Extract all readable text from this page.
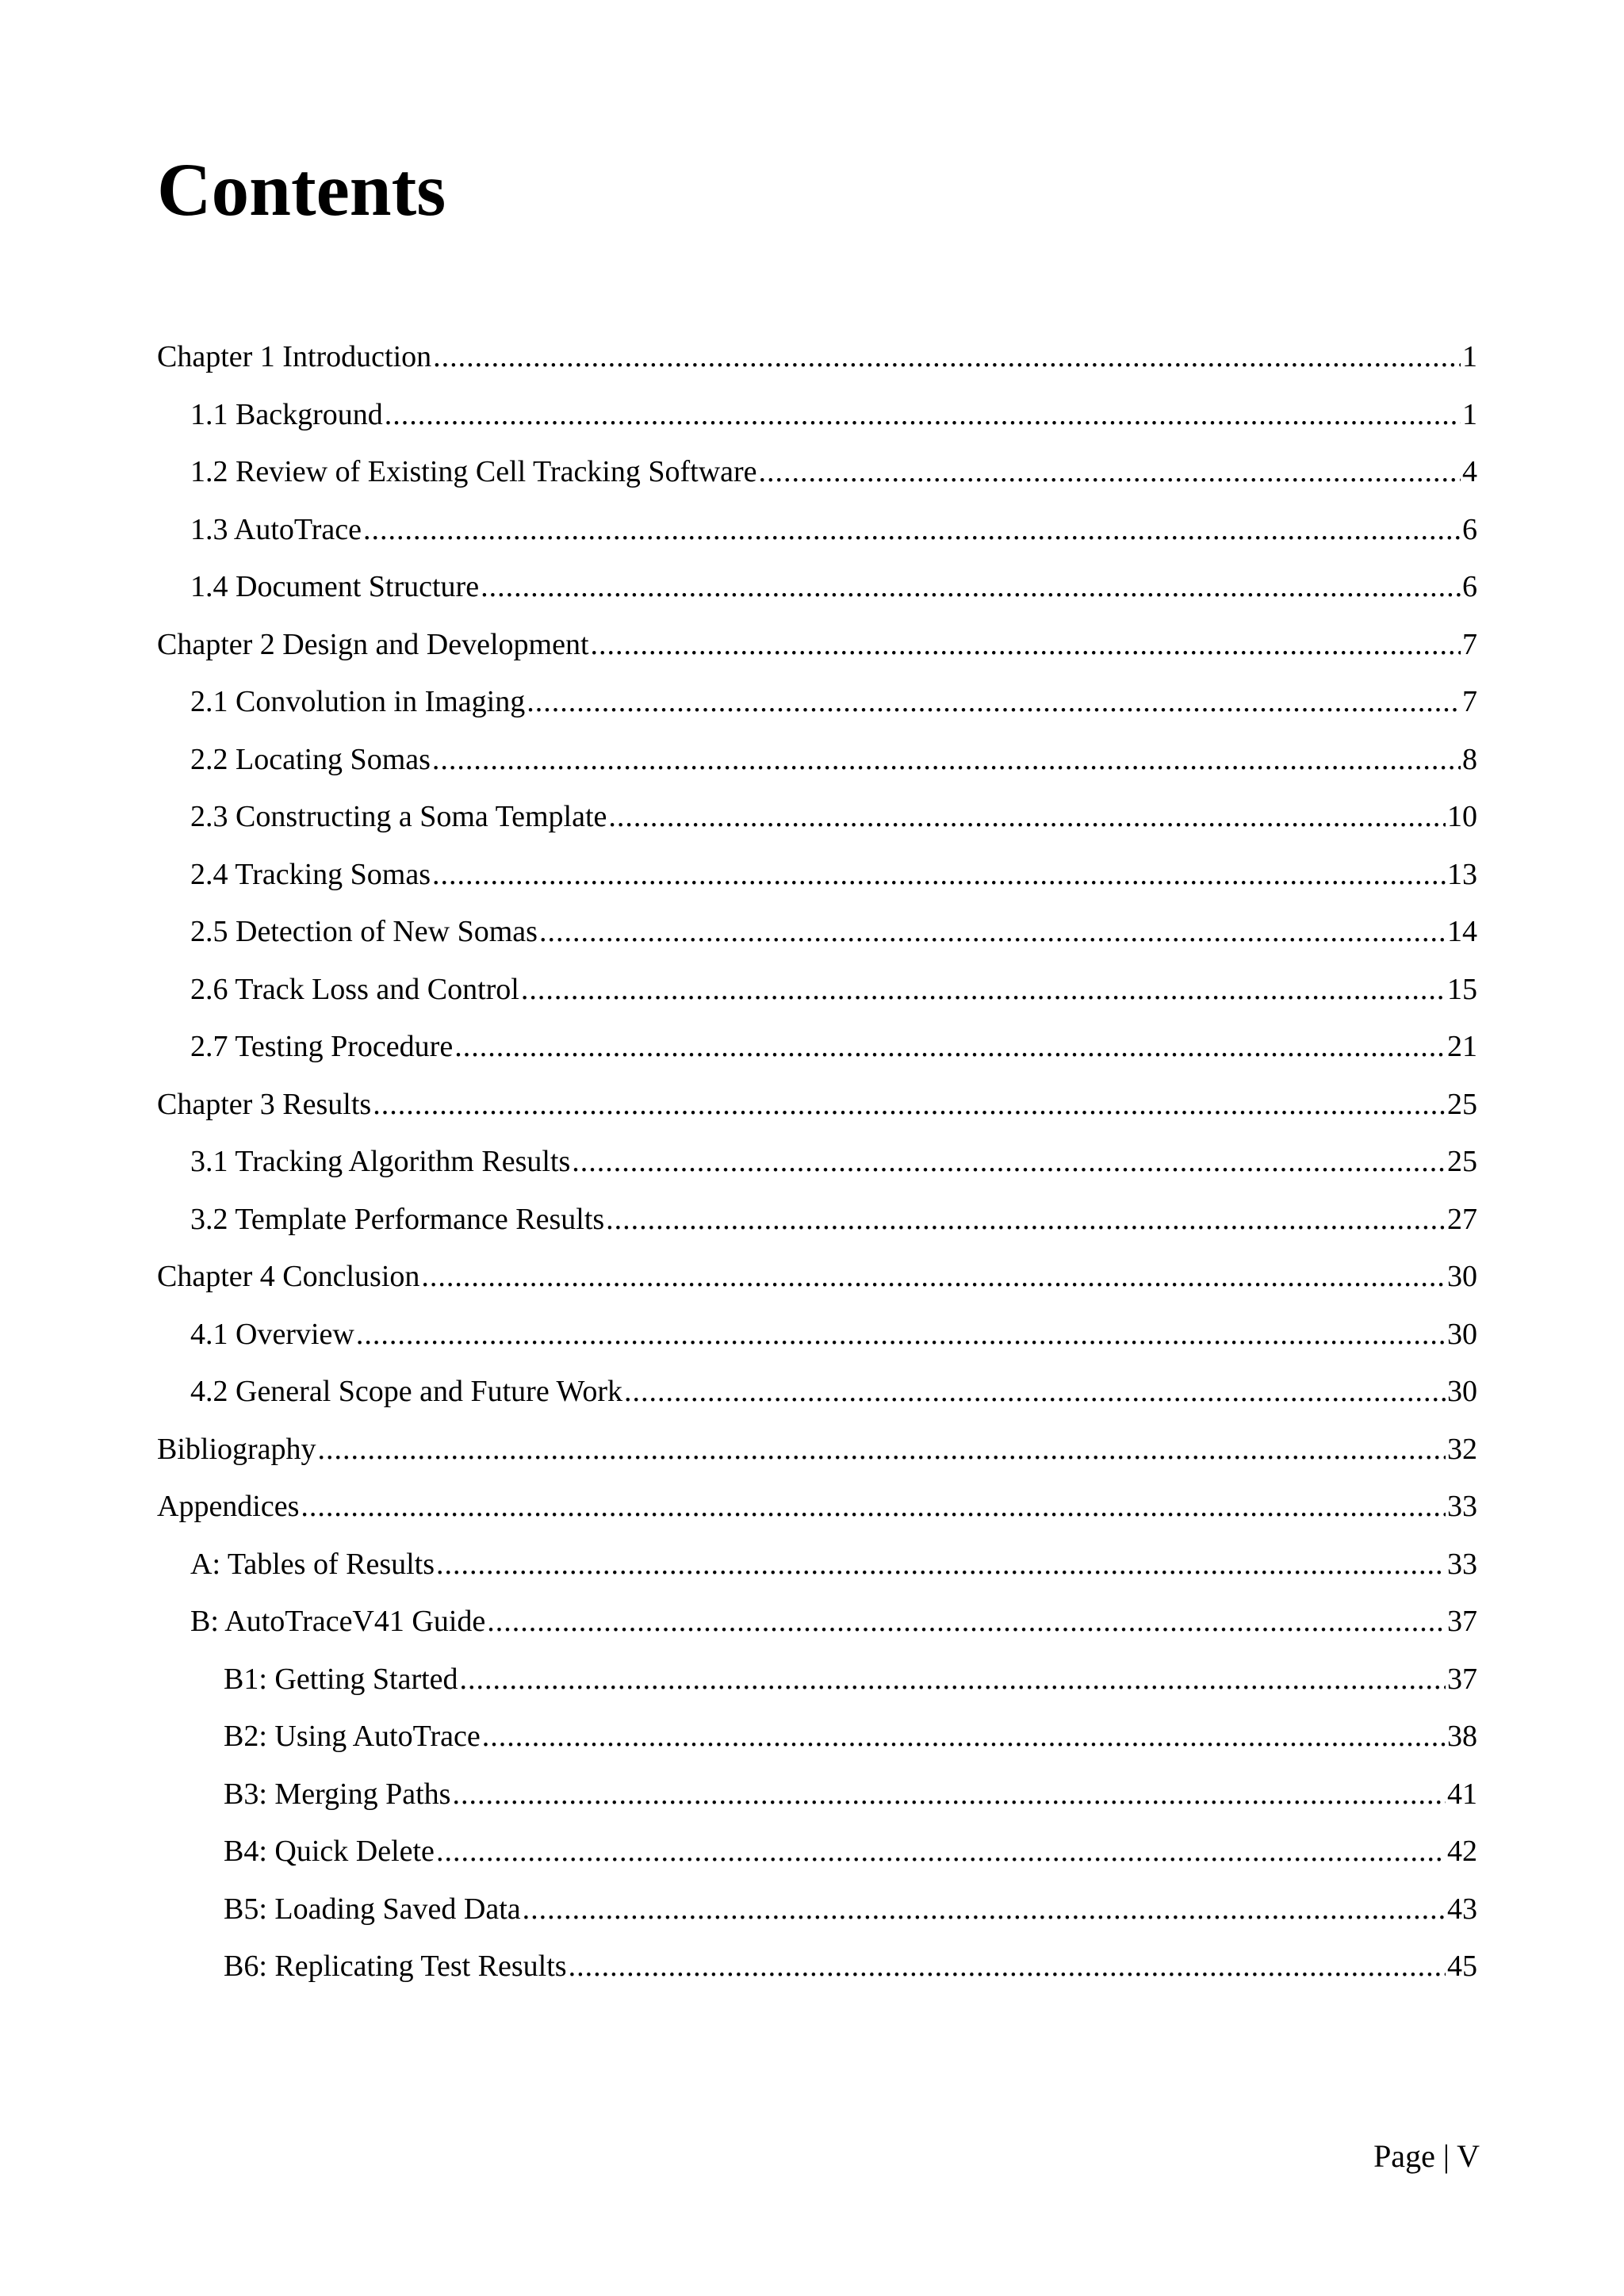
Contents
Chapter 1 Introduction .....	1
1.1 Background .....	1
1.2 Review of Existing Cell Tracking Software .....	4
1.3 AutoTrace .....	6
1.4 Document Structure .....	6
Chapter 2 Design and Development .....	7
2.1 Convolution in Imaging .....	7
2.2 Locating Somas .....	8
2.3 Constructing a Soma Template .....	10
2.4 Tracking Somas .....	13
2.5 Detection of New Somas .....	14
2.6 Track Loss and Control .....	15
2.7 Testing Procedure .....	21
Chapter 3 Results .....	25
3.1 Tracking Algorithm Results .....	25
3.2 Template Performance Results .....	27
Chapter 4 Conclusion .....	30
4.1 Overview .....	30
4.2 General Scope and Future Work .....	30
Bibliography .....	32
Appendices .....	33
A: Tables of Results .....	33
B: AutoTraceV41 Guide .....	37
B1: Getting Started .....	37
B2: Using AutoTrace .....	38
B3: Merging Paths .....	41
B4: Quick Delete .....	42
B5: Loading Saved Data .....	43
B6: Replicating Test Results .....	45
Page | V
